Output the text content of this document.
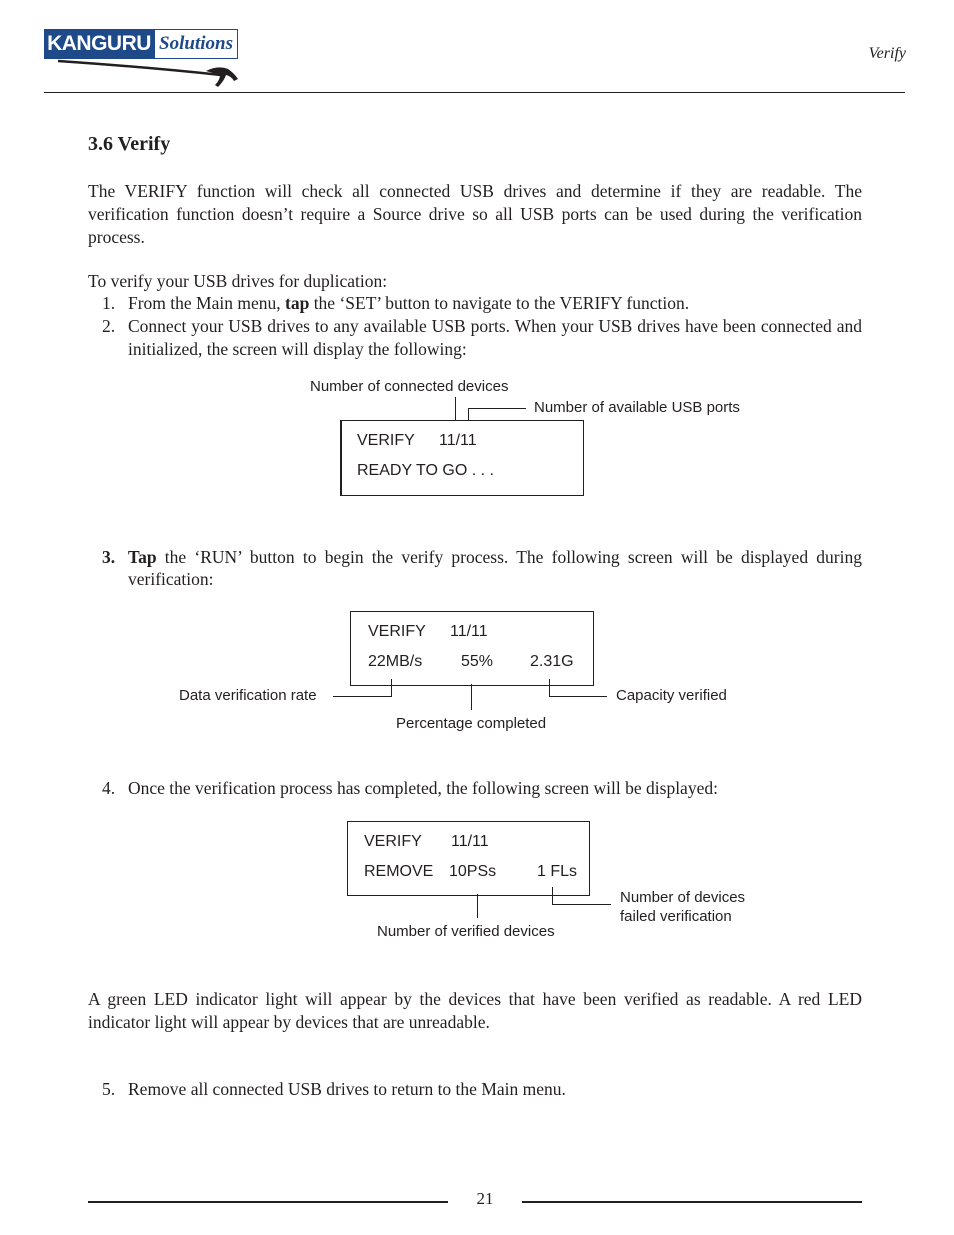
KANGURU Solutions	Verify
3.6 Verify
The VERIFY function will check all connected USB drives and determine if they are readable. The verification function doesn’t require a Source drive so all USB ports can be used during the verification process.
To verify your USB drives for duplication:
1. From the Main menu, tap the ‘SET’ button to navigate to the VERIFY function.
2. Connect your USB drives to any available USB ports. When your USB drives have been connected and initialized, the screen will display the following:
Number of connected devices
Number of available USB ports
VERIFY 11/11
READY TO GO . . .
3. Tap the ‘RUN’ button to begin the verify process. The following screen will be displayed during verification:
VERIFY 11/11
22MB/s 55% 2.31G
Data verification rate
Percentage completed
Capacity verified
4. Once the verification process has completed, the following screen will be displayed:
VERIFY 11/11
REMOVE 10PSs	1 FLs
Number of verified devices
Number of devices
failed verification
A green LED indicator light will appear by the devices that have been verified as readable. A red LED indicator light will appear by devices that are unreadable.
5. Remove all connected USB drives to return to the Main menu.
21
